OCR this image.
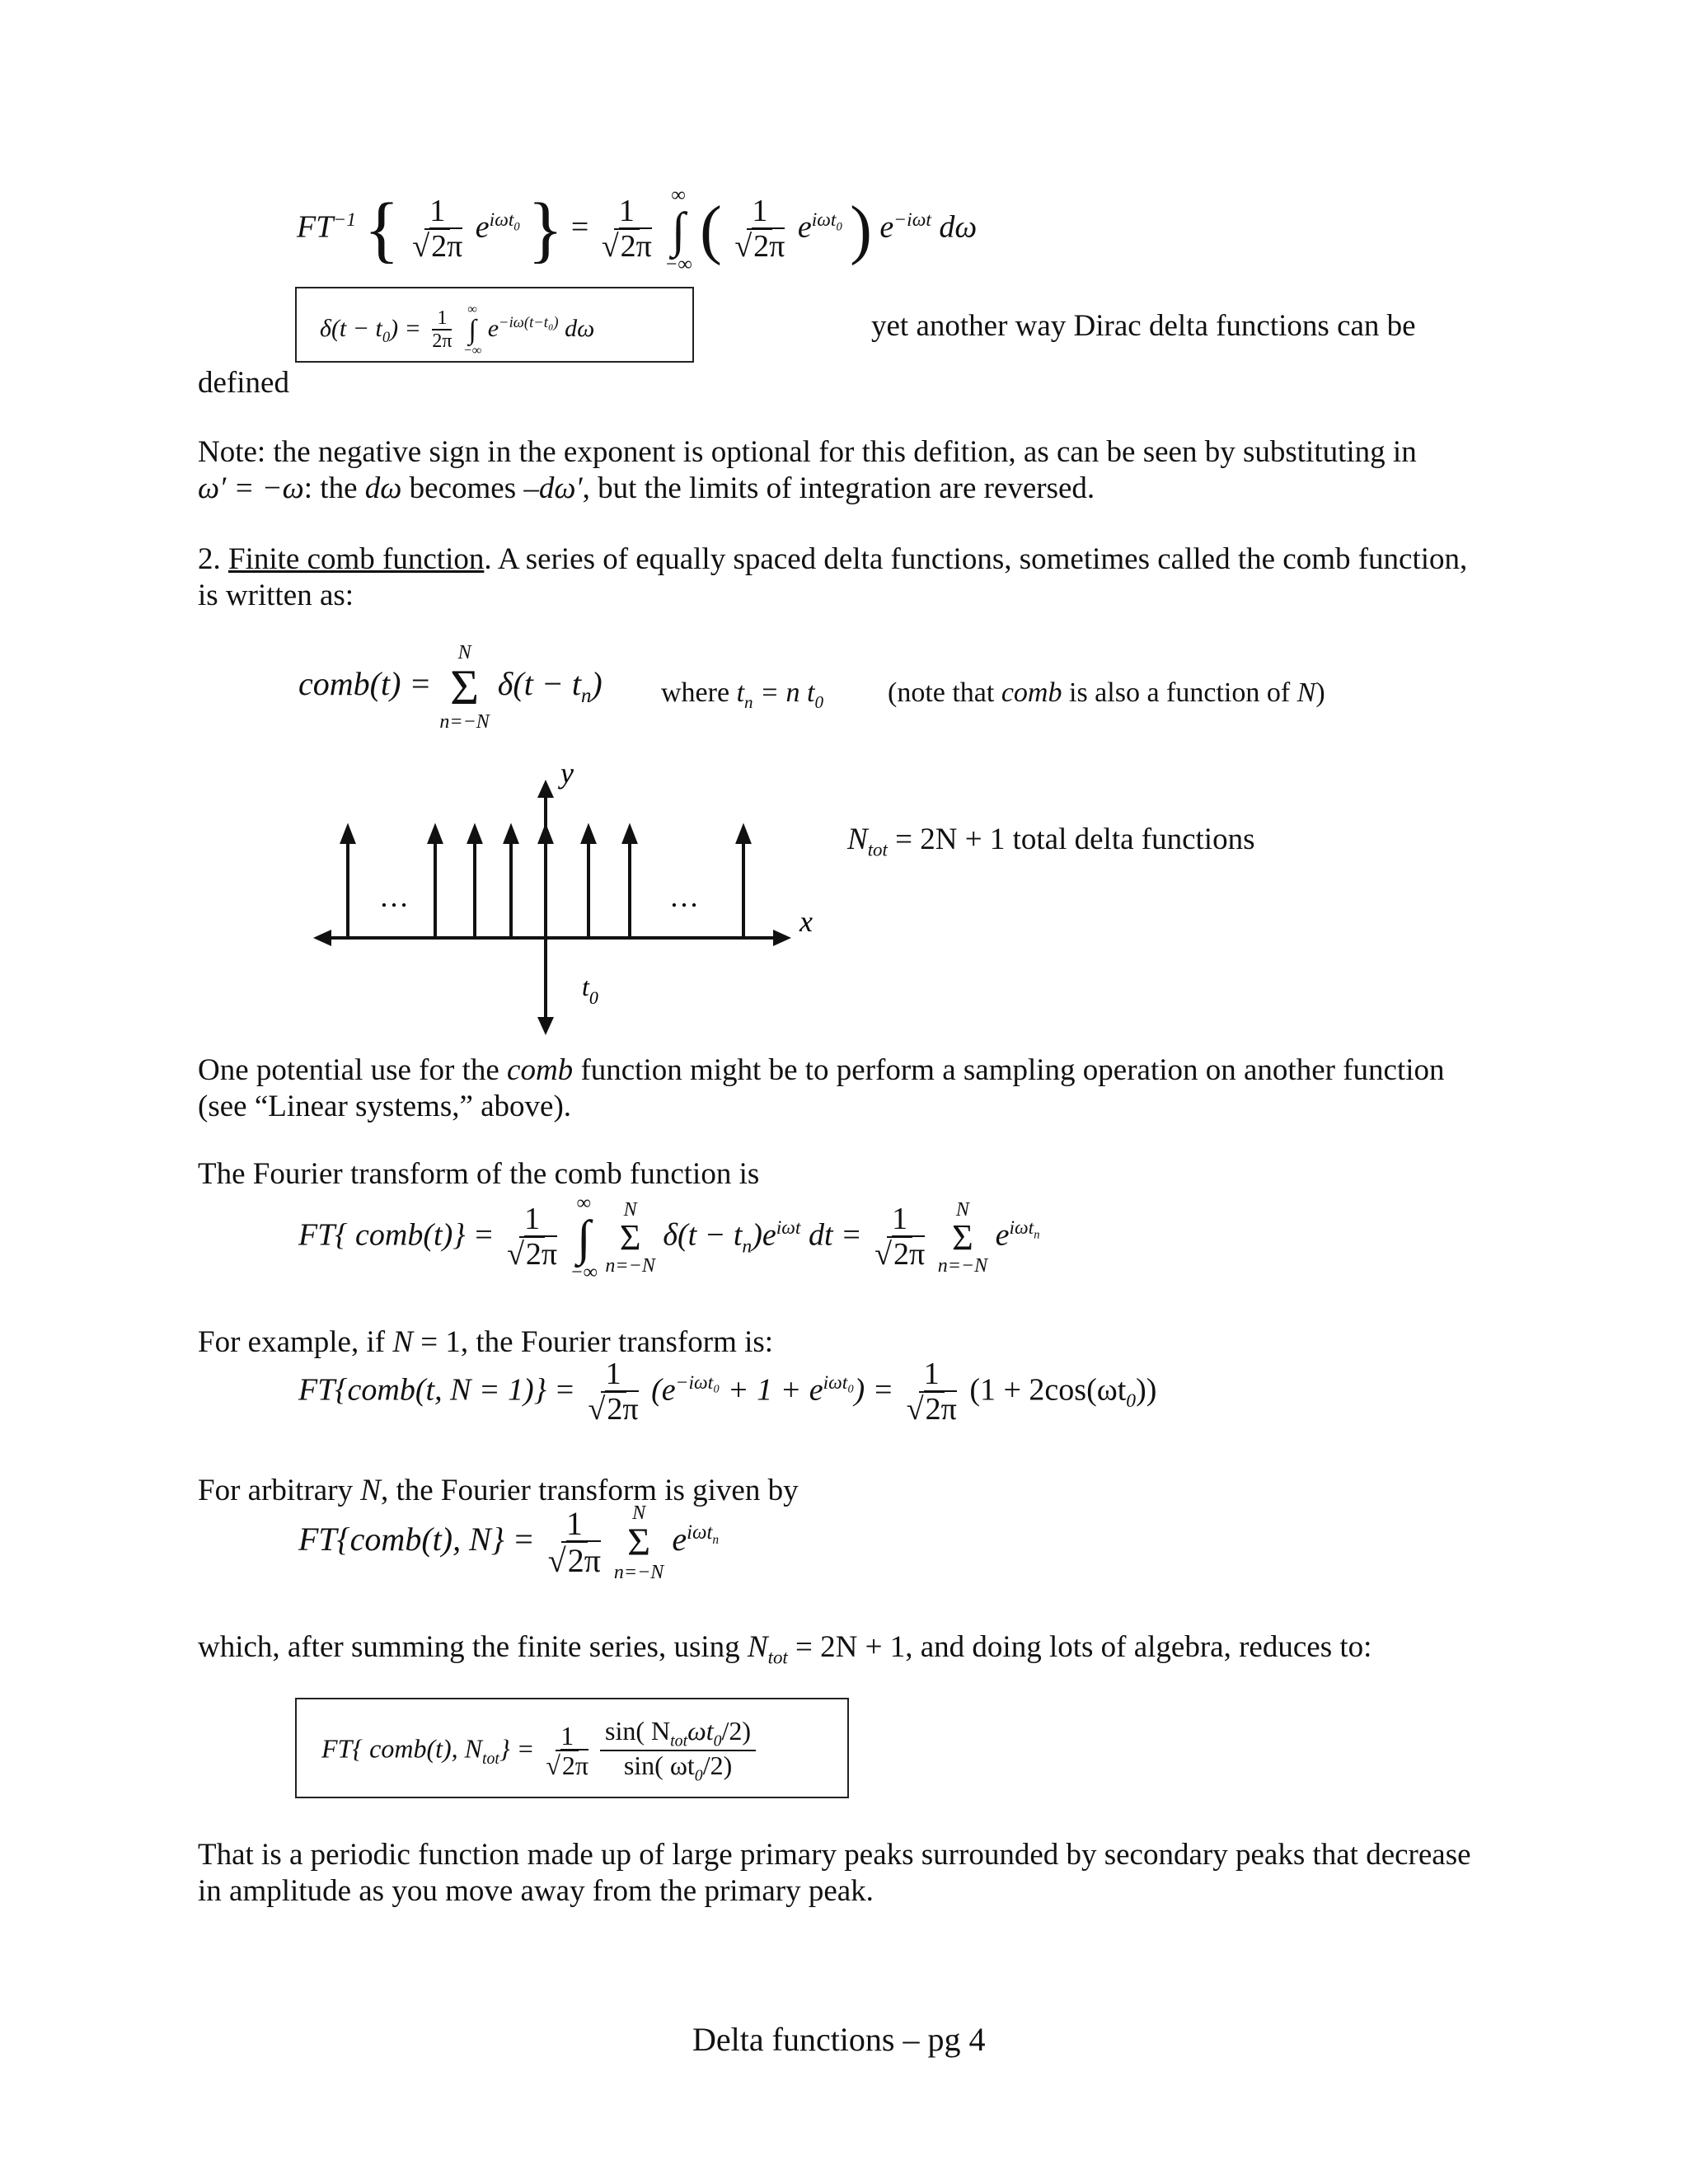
$FT^{-1}$ { $\frac{1}{√2\pi} e^{i\omega t_0}$ } = $\frac{1}{√2\pi}$

∞
∫
−∞ ( $\frac{1}{√2\pi} e^{i\omega t_0}$ ) $e^{-i\omega t}$ dω
$\delta(t - t_0) = \frac{1}{2\pi}$
∞
∫
−∞
$e^{-i\omega(t-t_0)}$ dω	yet another way Dirac delta functions can be
defined
Note: the negative sign in the exponent is optional for this defition, as can be seen by substituting in
ω′ = −ω: the dω becomes –dω′, but the limits of integration are reversed.
2. Finite comb function. A series of equally spaced delta functions, sometimes called the comb function,
is written as:
comb(t) =
N
Σ
n=−N
$\delta(t - t_n)$ where $t_n = n$ $t_0$ (note that comb is also a function of N)
y
x
…	…
$t_0$
$N_{tot} = 2N + 1$ total delta functions
One potential use for the comb function might be to perform a sampling operation on another function
(see “Linear systems,” above).
The Fourier transform of the comb function is
FT{ comb(t)} = $\frac{1}{√2\pi}$

∞
∫
−∞

N
Σ
n=−N
$\delta(t - t_n)e^{i\omega t}$ dt = $\frac{1}{√2\pi}$
N
Σ
n=−N
$e^{i\omega t_n}$
For example, if N = 1, the Fourier transform is:
FT{comb(t, $N = 1)\} = \frac{1}{√2\pi} (e^{-i\omega t_0} + 1 + e^{i\omega t_0}) = \frac{1}{√2\pi} (1 + 2\cos(\omega t_0))$
For arbitrary N, the Fourier transform is given by
FT{comb(t), $N\} = \frac{1}{√2\pi}$
N
Σ
n=−N
$e^{i\omega t_n}$
which, after summing the finite series, using $N_{tot} = 2N + 1$, and doing lots of algebra, reduces to:
FT{ comb(t), $N_{tot}\} = \frac{1}{√2\pi}$
$\frac{\sin( N_{tot}\omega t_0/2)}{\sin( \omega t_0/2)}$
That is a periodic function made up of large primary peaks surrounded by secondary peaks that decrease
in amplitude as you move away from the primary peak.
Delta functions – pg 4
